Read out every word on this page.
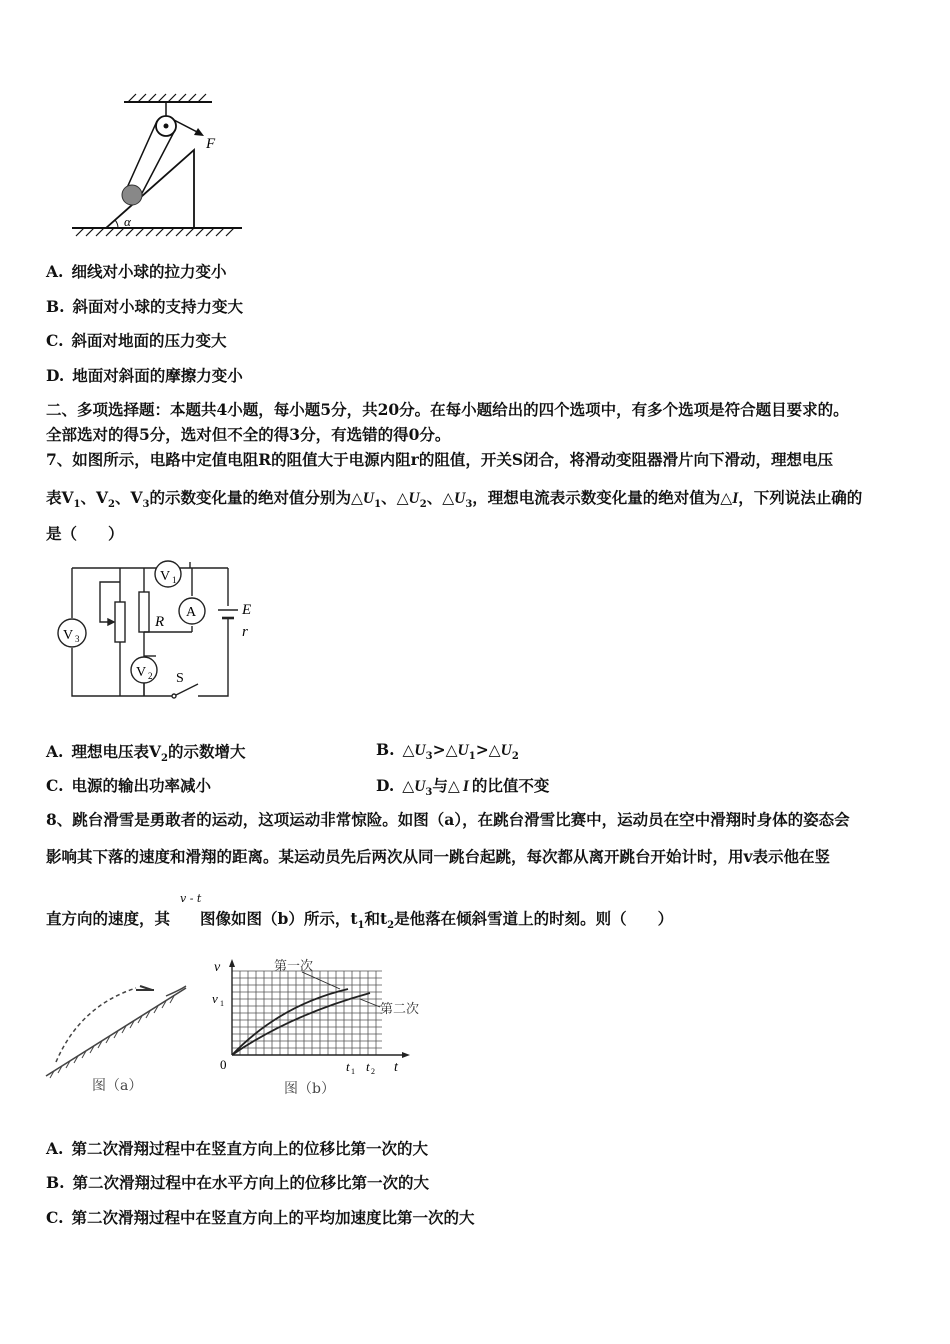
F
α
A. 细线对小球的拉力变小
B. 斜面对小球的支持力变大
C. 斜面对地面的压力变大
D. 地面对斜面的摩擦力变小
二、多项选择题：本题共4小题，每小题5分，共20分。在每小题给出的四个选项中，有多个选项是符合题目要求的。
全部选对的得5分，选对但不全的得3分，有选错的得0分。
7、如图所示，电路中定值电阻R的阻值大于电源内阻r的阻值，开关S闭合，将滑动变阻器滑片向下滑动，理想电压
表$V_1$、$V_2$、$V_3$的示数变化量的绝对值分别为$\triangle U_1$、$\triangle U_2$、$\triangle U_3$，理想电流表示数变化量的绝对值为△I，下列说法止确的
是（　　）
V 1
A
V 3
V 2
R
E
r
S
A. 理想电压表$V_2$的示数增大	B. $\triangle U_3>\triangle U_1>\triangle U_2$
C. 电源的输出功率减小	D. $\triangle U_3$与△ I 的比值不变
8、跳台滑雪是勇敢者的运动，这项运动非常惊险。如图（a），在跳台滑雪比赛中，运动员在空中滑翔时身体的姿态会
影响其下落的速度和滑翔的距离。某运动员先后两次从同一跳台起跳，每次都从离开跳台开始计时，用v表示他在竖
v - t
直方向的速度，其 图像如图（b）所示，$t_1$和$t_2$是他落在倾斜雪道上的时刻。则（　　）
图（a）
v
v 1
0	t
t 1 t 2
第一次
第二次
图（b）
A. 第二次滑翔过程中在竖直方向上的位移比第一次的大
B. 第二次滑翔过程中在水平方向上的位移比第一次的大
C. 第二次滑翔过程中在竖直方向上的平均加速度比第一次的大
